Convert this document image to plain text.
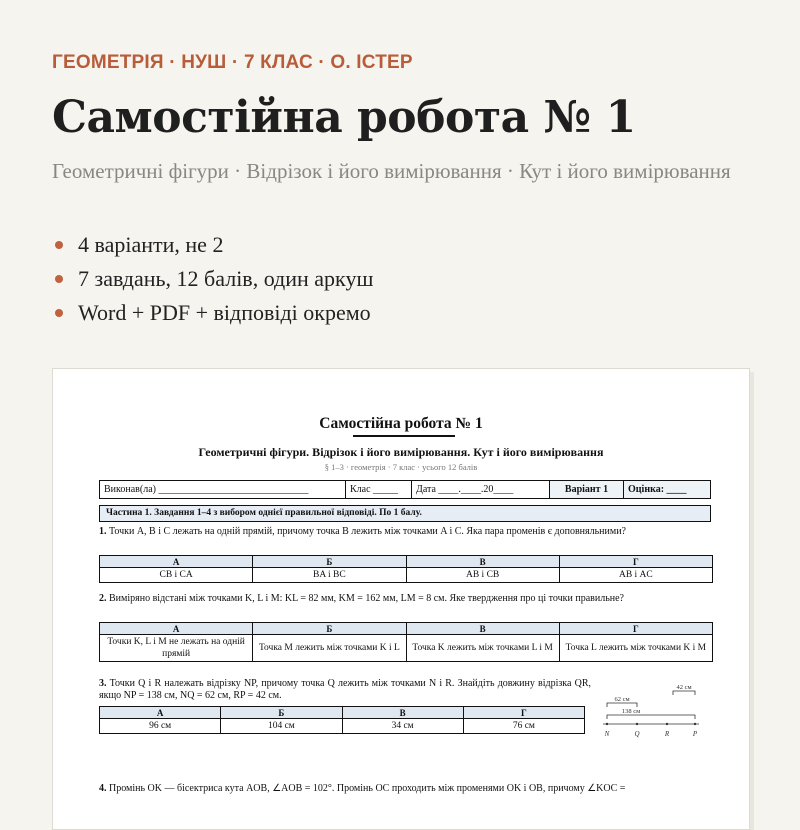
ГЕОМЕТРІЯ · НУШ · 7 КЛАС · О. ІСТЕР
Самостійна робота № 1
Геометричні фігури · Відрізок і його вимірювання · Кут і його вимірювання
4 варіанти, не 2
7 завдань, 12 балів, один аркуш
Word + PDF + відповіді окремо
Самостійна робота № 1
Геометричні фігури. Відрізок і його вимірювання. Кут і його вимірювання
§ 1–3 · геометрія · 7 клас · усього 12 балів
Виконав(ла) ______________________________	Клас _____	Дата ____.____.20____	Варіант 1	Оцінка: ____
Частина 1. Завдання 1–4 з вибором однієї правильної відповіді. По 1 балу.
1. Точки A, B і C лежать на одній прямій, причому точка B лежить між точками A і C. Яка пара променів є доповняльними?
А	Б	В	Г
CB і CA	BA і BC	AB і CB	AB і AC
2. Виміряно відстані між точками K, L і M: KL = 82 мм, KM = 162 мм, LM = 8 см. Яке твердження про ці точки правильне?
А	Б	В	Г
Точки K, L і M не лежать на одній прямій	Точка M лежить між точками K і L	Точка K лежить між точками L і M	Точка L лежить між точками K і M
3. Точки Q і R належать відрізку NP, причому точка Q лежить між точками N і R. Знайдіть довжину відрізка QR, якщо NP = 138 см, NQ = 62 см, RP = 42 см.
А	Б	В	Г
96 см	104 см	34 см	76 см
42 см
62 см
138 см
N	Q	R	P
4. Промінь OK — бісектриса кута AOB, ∠AOB = 102°. Промінь OC проходить між променями OK і OB, причому ∠KOC =
